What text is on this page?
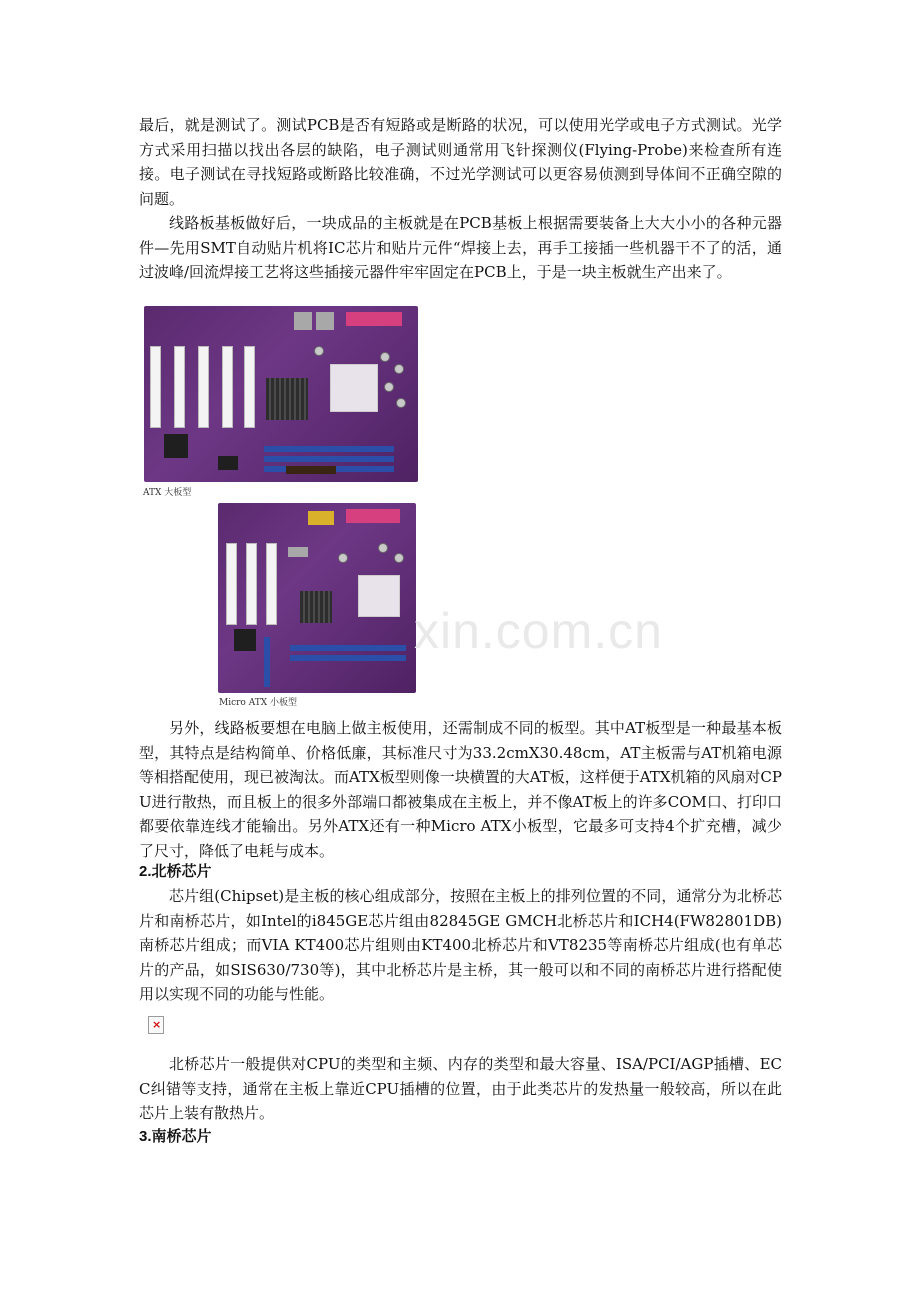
最后，就是测试了。测试PCB是否有短路或是断路的状况，可以使用光学或电子方式测试。光学方式采用扫描以找出各层的缺陷，电子测试则通常用飞针探测仪(Flying-Probe)来检查所有连接。电子测试在寻找短路或断路比较准确，不过光学测试可以更容易侦测到导体间不正确空隙的问题。

线路板基板做好后，一块成品的主板就是在PCB基板上根据需要装备上大大小小的各种元器件—先用SMT自动贴片机将IC芯片和贴片元件“焊接上去，再手工接插一些机器干不了的活，通过波峰/回流焊接工艺将这些插接元器件牢牢固定在PCB上，于是一块主板就生产出来了。

ATX 大板型
Micro ATX 小板型
xin.com.cn

另外，线路板要想在电脑上做主板使用，还需制成不同的板型。其中AT板型是一种最基本板型，其特点是结构简单、价格低廉，其标准尺寸为33.2cmX30.48cm，AT主板需与AT机箱电源等相搭配使用，现已被淘汰。而ATX板型则像一块横置的大AT板，这样便于ATX机箱的风扇对CPU进行散热，而且板上的很多外部端口都被集成在主板上，并不像AT板上的许多COM口、打印口都要依靠连线才能输出。另外ATX还有一种Micro ATX小板型，它最多可支持4个扩充槽，减少了尺寸，降低了电耗与成本。

2.北桥芯片

芯片组(Chipset)是主板的核心组成部分，按照在主板上的排列位置的不同，通常分为北桥芯片和南桥芯片，如Intel的i845GE芯片组由82845GE GMCH北桥芯片和ICH4(FW82801DB)南桥芯片组成；而VIA KT400芯片组则由KT400北桥芯片和VT8235等南桥芯片组成(也有单芯片的产品，如SIS630/730等)，其中北桥芯片是主桥，其一般可以和不同的南桥芯片进行搭配使用以实现不同的功能与性能。

×

北桥芯片一般提供对CPU的类型和主频、内存的类型和最大容量、ISA/PCI/AGP插槽、ECC纠错等支持，通常在主板上靠近CPU插槽的位置，由于此类芯片的发热量一般较高，所以在此芯片上装有散热片。

3.南桥芯片
